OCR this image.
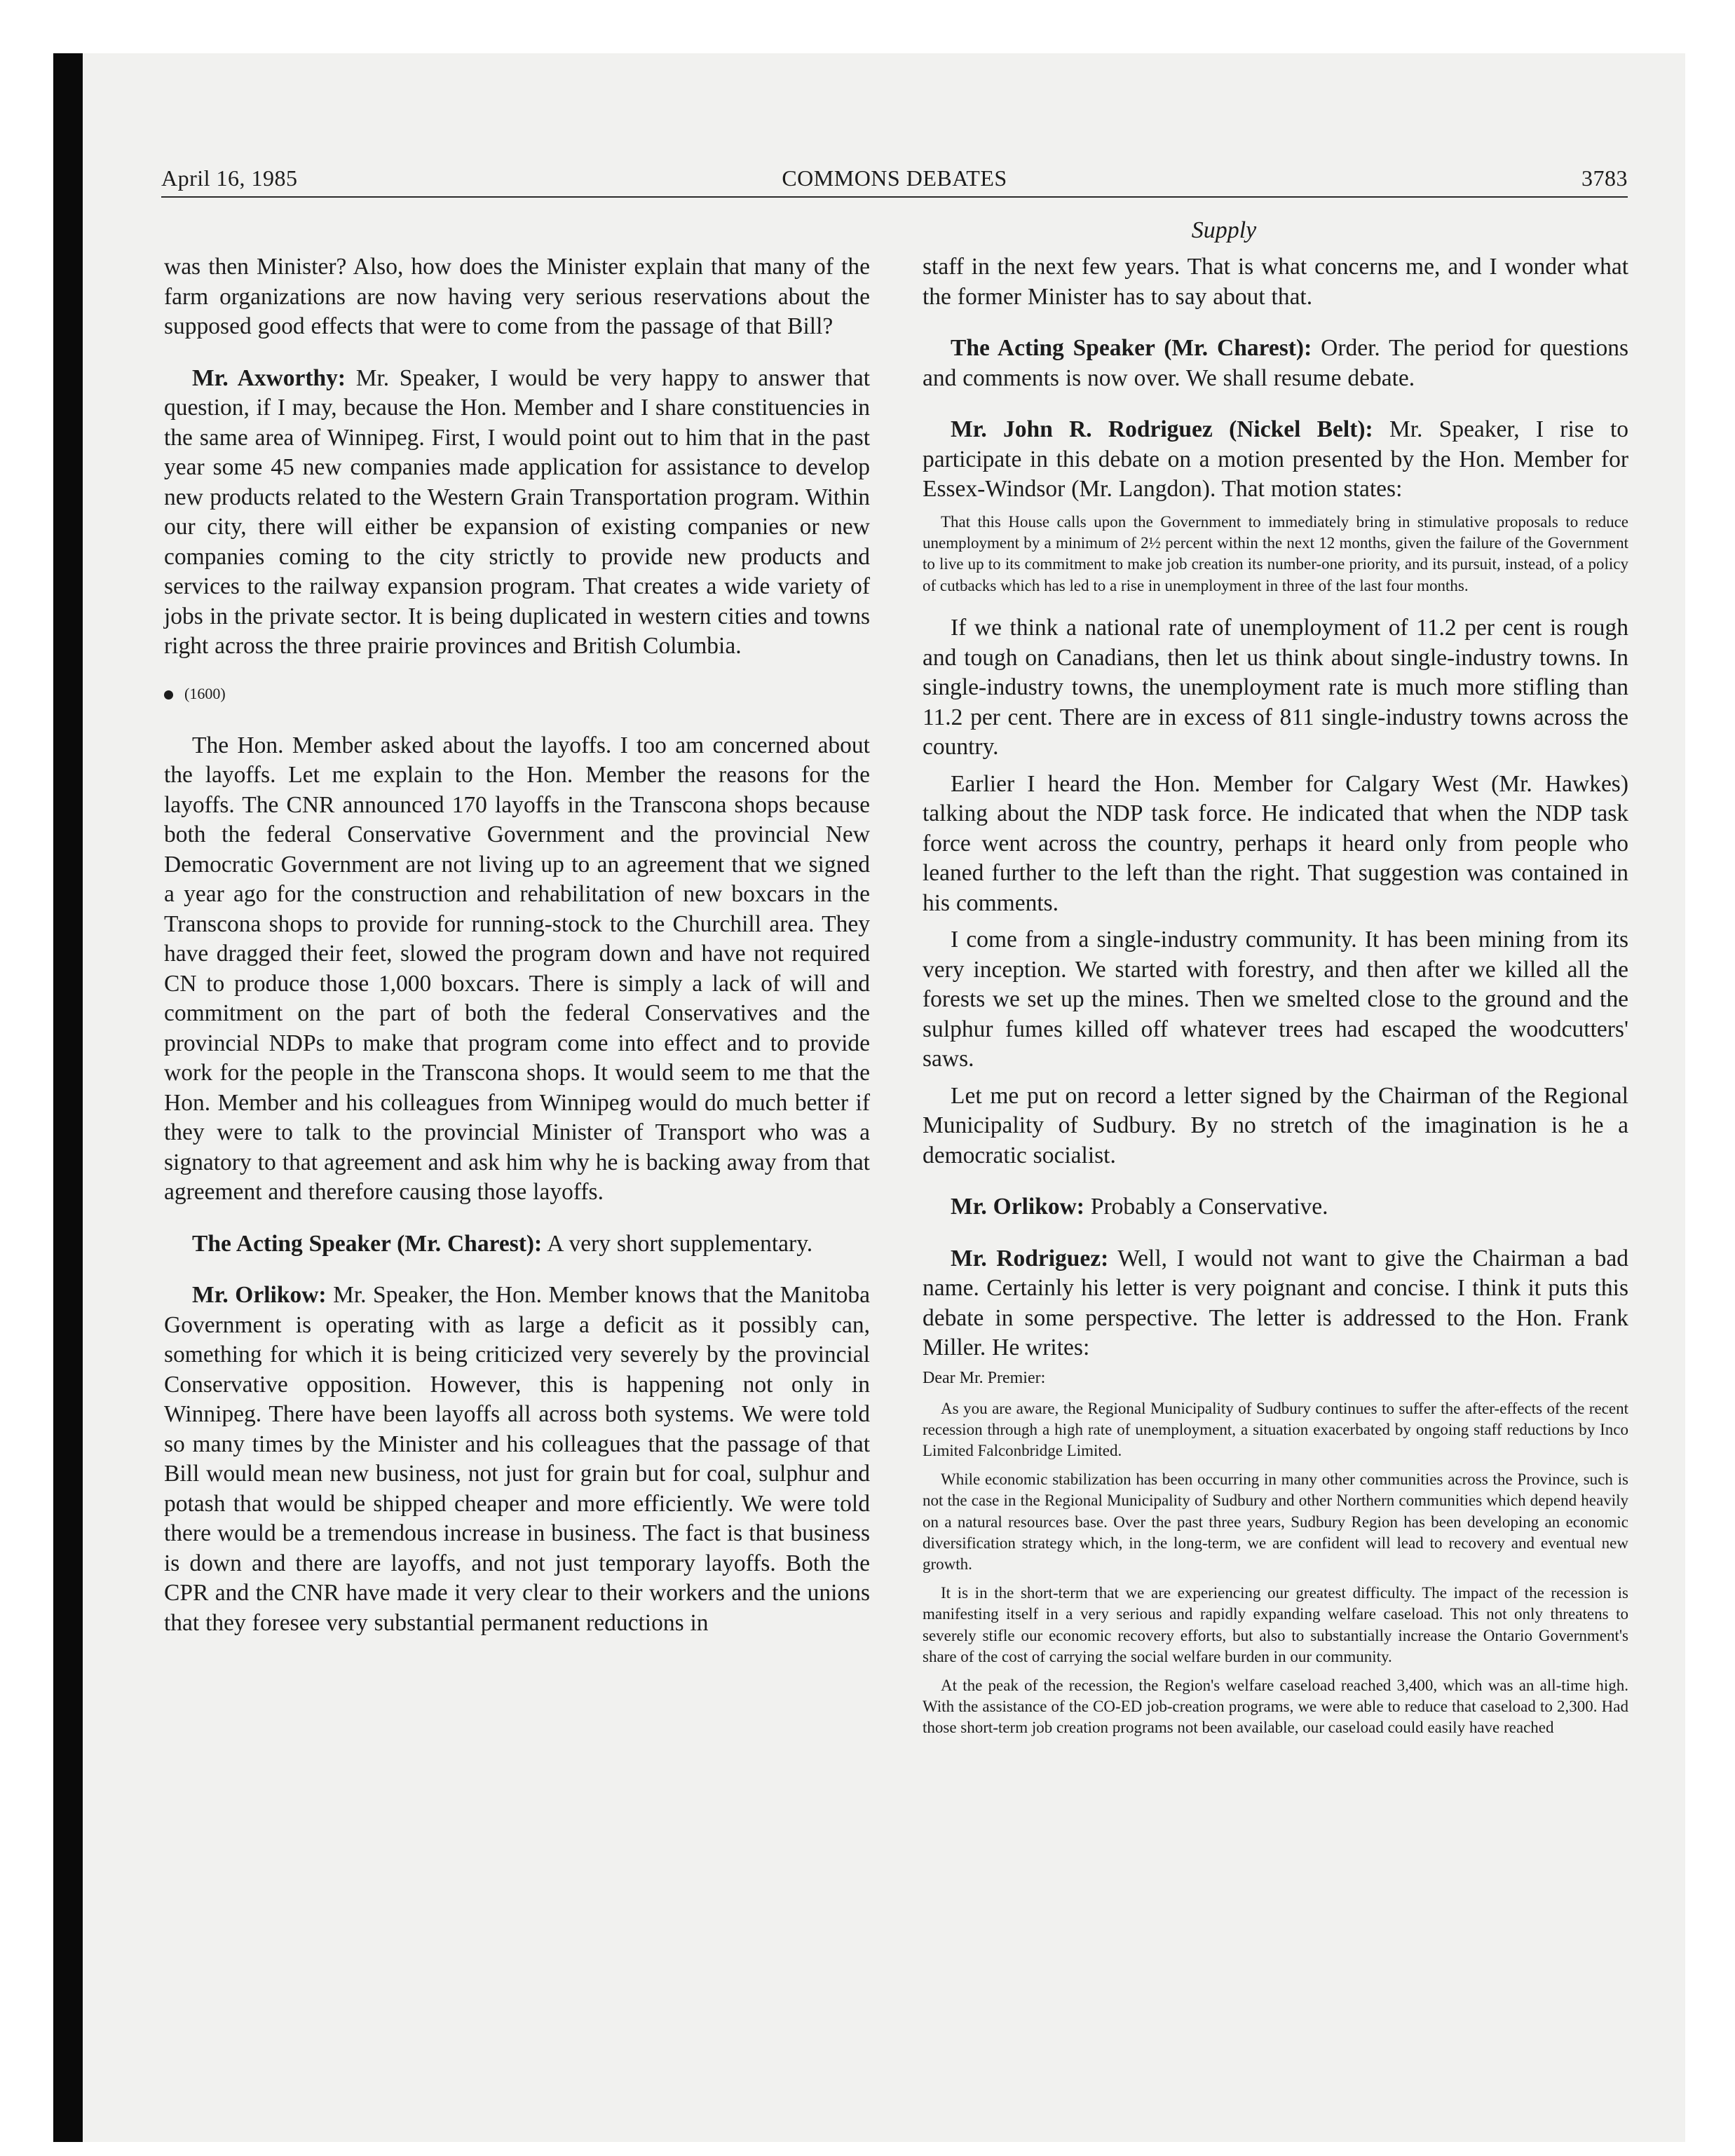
April 16, 1985	COMMONS DEBATES	3783
Supply

was then Minister? Also, how does the Minister explain that many of the farm organizations are now having very serious reservations about the supposed good effects that were to come from the passage of that Bill?

Mr. Axworthy: Mr. Speaker, I would be very happy to answer that question, if I may, because the Hon. Member and I share constituencies in the same area of Winnipeg. First, I would point out to him that in the past year some 45 new companies made application for assistance to develop new products related to the Western Grain Transportation program. Within our city, there will either be expansion of existing companies or new companies coming to the city strictly to provide new products and services to the railway expansion program. That creates a wide variety of jobs in the private sector. It is being duplicated in western cities and towns right across the three prairie provinces and British Columbia.

(1600)

The Hon. Member asked about the layoffs. I too am concerned about the layoffs. Let me explain to the Hon. Member the reasons for the layoffs. The CNR announced 170 layoffs in the Transcona shops because both the federal Conservative Government and the provincial New Democratic Government are not living up to an agreement that we signed a year ago for the construction and rehabilitation of new boxcars in the Transcona shops to provide for running-stock to the Churchill area. They have dragged their feet, slowed the program down and have not required CN to produce those 1,000 boxcars. There is simply a lack of will and commitment on the part of both the federal Conservatives and the provincial NDPs to make that program come into effect and to provide work for the people in the Transcona shops. It would seem to me that the Hon. Member and his colleagues from Winnipeg would do much better if they were to talk to the provincial Minister of Transport who was a signatory to that agreement and ask him why he is backing away from that agreement and therefore causing those layoffs.

The Acting Speaker (Mr. Charest): A very short supplementary.

Mr. Orlikow: Mr. Speaker, the Hon. Member knows that the Manitoba Government is operating with as large a deficit as it possibly can, something for which it is being criticized very severely by the provincial Conservative opposition. However, this is happening not only in Winnipeg. There have been layoffs all across both systems. We were told so many times by the Minister and his colleagues that the passage of that Bill would mean new business, not just for grain but for coal, sulphur and potash that would be shipped cheaper and more efficiently. We were told there would be a tremendous increase in business. The fact is that business is down and there are layoffs, and not just temporary layoffs. Both the CPR and the CNR have made it very clear to their workers and the unions that they foresee very substantial permanent reductions in

staff in the next few years. That is what concerns me, and I wonder what the former Minister has to say about that.

The Acting Speaker (Mr. Charest): Order. The period for questions and comments is now over. We shall resume debate.

Mr. John R. Rodriguez (Nickel Belt): Mr. Speaker, I rise to participate in this debate on a motion presented by the Hon. Member for Essex-Windsor (Mr. Langdon). That motion states:

That this House calls upon the Government to immediately bring in stimulative proposals to reduce unemployment by a minimum of 2½ percent within the next 12 months, given the failure of the Government to live up to its commitment to make job creation its number-one priority, and its pursuit, instead, of a policy of cutbacks which has led to a rise in unemployment in three of the last four months.

If we think a national rate of unemployment of 11.2 per cent is rough and tough on Canadians, then let us think about single-industry towns. In single-industry towns, the unemployment rate is much more stifling than 11.2 per cent. There are in excess of 811 single-industry towns across the country.

Earlier I heard the Hon. Member for Calgary West (Mr. Hawkes) talking about the NDP task force. He indicated that when the NDP task force went across the country, perhaps it heard only from people who leaned further to the left than the right. That suggestion was contained in his comments.

I come from a single-industry community. It has been mining from its very inception. We started with forestry, and then after we killed all the forests we set up the mines. Then we smelted close to the ground and the sulphur fumes killed off whatever trees had escaped the woodcutters' saws.

Let me put on record a letter signed by the Chairman of the Regional Municipality of Sudbury. By no stretch of the imagination is he a democratic socialist.

Mr. Orlikow: Probably a Conservative.

Mr. Rodriguez: Well, I would not want to give the Chairman a bad name. Certainly his letter is very poignant and concise. I think it puts this debate in some perspective. The letter is addressed to the Hon. Frank Miller. He writes:

Dear Mr. Premier:

As you are aware, the Regional Municipality of Sudbury continues to suffer the after-effects of the recent recession through a high rate of unemployment, a situation exacerbated by ongoing staff reductions by Inco Limited Falconbridge Limited.

While economic stabilization has been occurring in many other communities across the Province, such is not the case in the Regional Municipality of Sudbury and other Northern communities which depend heavily on a natural resources base. Over the past three years, Sudbury Region has been developing an economic diversification strategy which, in the long-term, we are confident will lead to recovery and eventual new growth.

It is in the short-term that we are experiencing our greatest difficulty. The impact of the recession is manifesting itself in a very serious and rapidly expanding welfare caseload. This not only threatens to severely stifle our economic recovery efforts, but also to substantially increase the Ontario Government's share of the cost of carrying the social welfare burden in our community.

At the peak of the recession, the Region's welfare caseload reached 3,400, which was an all-time high. With the assistance of the CO-ED job-creation programs, we were able to reduce that caseload to 2,300. Had those short-term job creation programs not been available, our caseload could easily have reached
